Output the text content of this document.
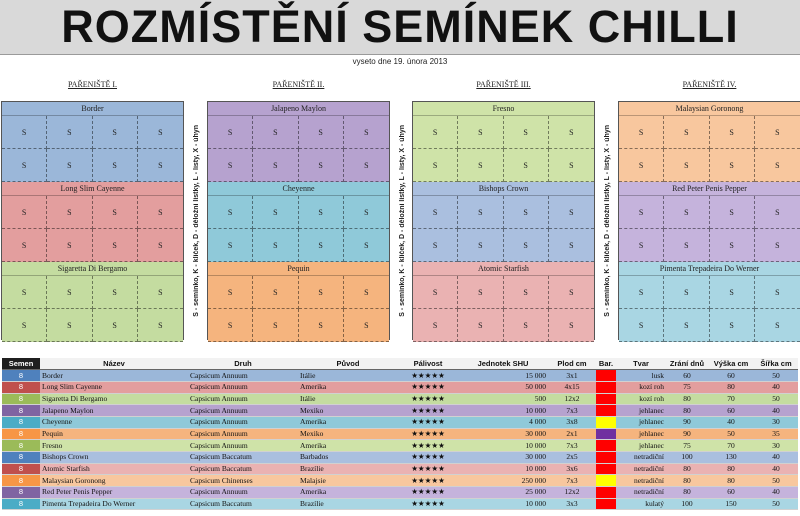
ROZMÍSTĚNÍ SEMÍNEK CHILLI
vyseto dne 19. února 2013
PAŘENIŠTĚ I.
Border
S	S	S	S
S	S	S	S
Long Slim Cayenne
S	S	S	S
S	S	S	S
Sigaretta Di Bergamo
S	S	S	S
S	S	S	S
PAŘENIŠTĚ II.
Jalapeno Maylon
S	S	S	S
S	S	S	S
Cheyenne
S	S	S	S
S	S	S	S
Pequin
S	S	S	S
S	S	S	S
PAŘENIŠTĚ III.
Fresno
S	S	S	S
S	S	S	S
Bishops Crown
S	S	S	S
S	S	S	S
Atomic Starfish
S	S	S	S
S	S	S	S
PAŘENIŠTĚ IV.
Malaysian Goronong
S	S	S	S
S	S	S	S
Red Peter Penis Pepper
S	S	S	S
S	S	S	S
Pimenta Trepadeira Do Werner
S	S	S	S
S	S	S	S
S - semínko, K - klíček, D - děložní lístky, L - listy, X - úhyn	S - semínko, K - klíček, D - děložní lístky, L - listy, X - úhyn	S - semínko, K - klíček, D - děložní lístky, L - listy, X - úhyn
Semen	Název	Druh	Původ	Pálivost	Jednotek SHU	Plod cm	Bar.	Tvar	Zrání dnů	Výška cm	Šířka cm
8	Border	Capsicum Annuum	Itálie	★★★★★	15 000	3x1		lusk	60	60	50
8	Long Slim Cayenne	Capsicum Annuum	Amerika	★★★★★	50 000	4x15		kozí roh	75	80	40
8	Sigaretta Di Bergamo	Capsicum Annuum	Itálie	★★★★★	500	12x2		kozí roh	80	70	50
8	Jalapeno Maylon	Capsicum Annuum	Mexiko	★★★★★	10 000	7x3		jehlanec	80	60	40
8	Cheyenne	Capsicum Annuum	Amerika	★★★★★	4 000	3x8		jehlanec	90	40	30
8	Pequin	Capsicum Annuum	Mexiko	★★★★★	30 000	2x1		jehlanec	90	50	35
8	Fresno	Capsicum Annuum	Amerika	★★★★★	10 000	7x3		jehlanec	75	70	30
8	Bishops Crown	Capsicum Baccatum	Barbados	★★★★★	30 000	2x5		netradiční	100	130	40
8	Atomic Starfish	Capsicum Baccatum	Brazílie	★★★★★	10 000	3x6		netradiční	80	80	40
8	Malaysian Goronong	Capsicum Chinenses	Malajsie	★★★★★	250 000	7x3		netradiční	80	80	50
8	Red Peter Penis Pepper	Capsicum Annuum	Amerika	★★★★★	25 000	12x2		netradiční	80	60	40
8	Pimenta Trepadeira Do Werner	Capsicum Baccatum	Brazílie	★★★★★	10 000	3x3		kulatý	100	150	50
